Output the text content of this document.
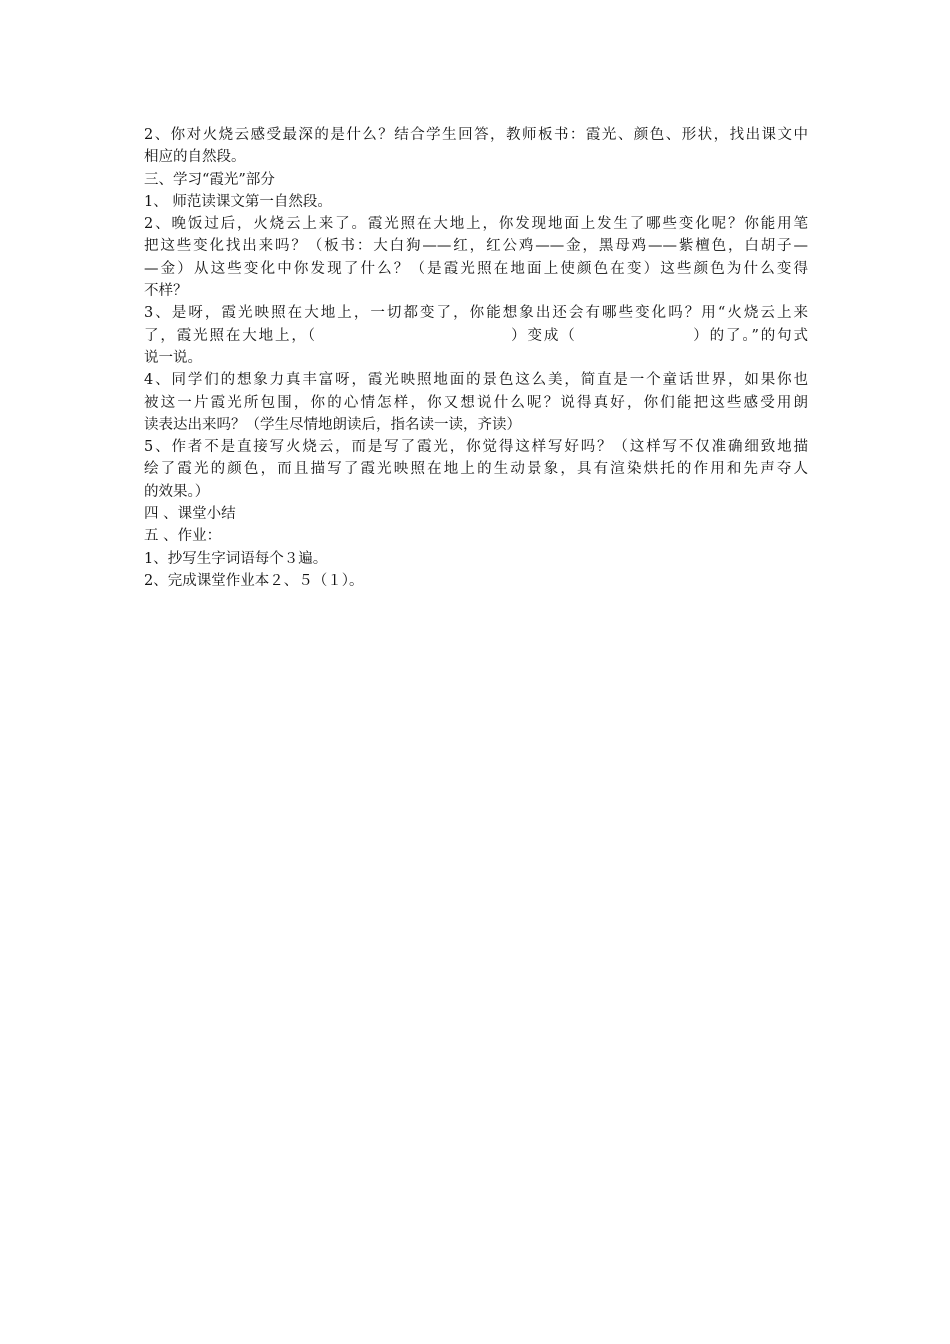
2、你对火烧云感受最深的是什么？结合学生回答，教师板书：霞光、颜色、形状，找出课文中
相应的自然段。
三、学习“霞光”部分
1、 师范读课文第一自然段。
2、晚饭过后，火烧云上来了。霞光照在大地上，你发现地面上发生了哪些变化呢？你能用笔
把这些变化找出来吗？（板书：大白狗——红，红公鸡——金，黑母鸡——紫檀色，白胡子—
—金）从这些变化中你发现了什么？（是霞光照在地面上使颜色在变）这些颜色为什么变得
不样？
3、是呀，霞光映照在大地上，一切都变了，你能想象出还会有哪些变化吗？用“火烧云上来
了，霞光照在大地上，（                              ）变成（                  ）的了。”的句式
说一说。
4、同学们的想象力真丰富呀，霞光映照地面的景色这么美，简直是一个童话世界，如果你也
被这一片霞光所包围，你的心情怎样，你又想说什么呢？说得真好，你们能把这些感受用朗
读表达出来吗？（学生尽情地朗读后，指名读一读，齐读）
5、作者不是直接写火烧云，而是写了霞光，你觉得这样写好吗？（这样写不仅准确细致地描
绘了霞光的颜色，而且描写了霞光映照在地上的生动景象，具有渲染烘托的作用和先声夺人
的效果。）
四 、课堂小结
五 、作业：
1、抄写生字词语每个３遍。
2、完成课堂作业本２、５（１）。
